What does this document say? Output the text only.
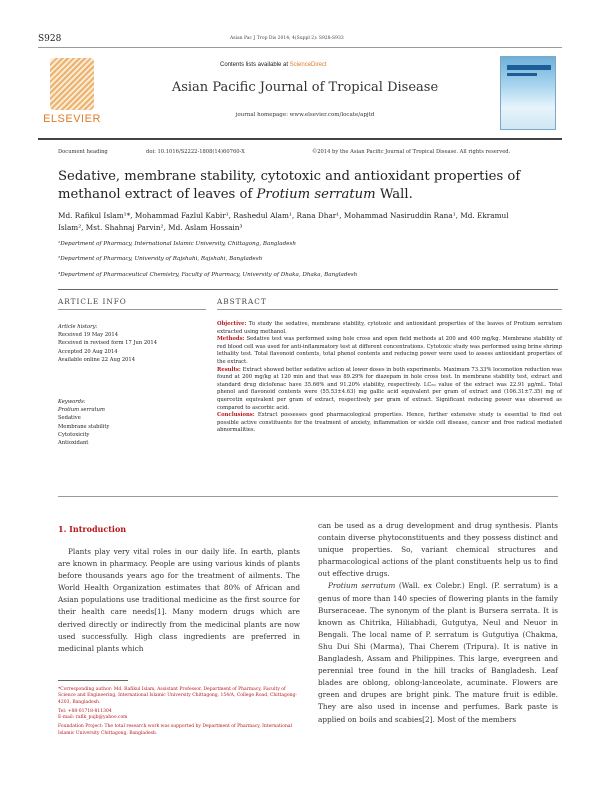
S928	Asian Pac J Trop Dis 2014; 4(Suppl 2): S928-S933
ELSEVIER
Contents lists available at ScienceDirect
Asian Pacific Journal of Tropical Disease
journal homepage: www.elsevier.com/locate/apjtd
Document heading	doi: 10.1016/S2222-1808(14)60760-X	©2014 by the Asian Pacific Journal of Tropical Disease. All rights reserved.
Sedative, membrane stability, cytotoxic and antioxidant properties of methanol extract of leaves of Protium serratum Wall.
Md. Rafikul Islam¹*, Mohammad Fazlul Kabir¹, Rashedul Alam¹, Rana Dhar¹, Mohammad Nasiruddin Rana¹, Md. Ekramul
Islam², Mst. Shahnaj Parvin², Md. Aslam Hossain³
¹Department of Pharmacy, International Islamic University, Chittagong, Bangladesh
²Department of Pharmacy, University of Rajshahi, Rajshahi, Bangladesh
³Department of Pharmaceutical Chemistry, Faculty of Pharmacy, University of Dhaka, Dhaka, Bangladesh
ARTICLE INFO	ABSTRACT
Article history:
Received 19 May 2014
Received in revised form 17 Jun 2014
Accepted 20 Aug 2014
Available online 22 Aug 2014
Keywords:
Protium serratum
Sedative
Membrane stability
Cytotoxicity
Antioxidant

Objective: To study the sedative, membrane stability, cytotoxic and antioxidant properties of the leaves of Protium serratum extracted using methanol.

Methods: Sedative test was performed using hole cross and open field methods at 200 and 400 mg/kg. Membrane stability of red blood cell was used for anti-inflammatory test at different concentrations. Cytotoxic study was performed using brine shrimp lethality test. Total flavonoid contents, total phenol contents and reducing power were used to assess antioxidant properties of the extract.

Results: Extract showed better sedative action at lower doses in both experiments. Maximum 73.33% locomotion reduction was found at 200 mg/kg at 120 min and that was 89.29% for diazepam in hole cross test. In membrane stability test, extract and standard drug diclofenac have 35.66% and 91.20% stability, respectively. LC₅₀ value of the extract was 22.91 μg/mL. Total phenol and flavonoid contents were (55.53±4.63) mg gallic acid equivalent per gram of extract and (106.31±7.35) mg of quercetin equivalent per gram of extract, respectively per gram of extract. Significant reducing power was observed as compared to ascorbic acid.

Conclusions: Extract possesses good pharmacological properties. Hence, further extensive study is essential to find out possible active constituents for the treatment of anxiety, inflammation or sickle cell disease, cancer and free radical mediated abnormalities.

1. Introduction
Plants play very vital roles in our daily life. In earth, plants are known in pharmacy. People are using various kinds of plants before thousands years ago for the treatment of ailments. The World Health Organization estimates that 80% of African and Asian populations use traditional medicine as the first source for their health care needs[1]. Many modern drugs which are derived directly or indirectly from the medicinal plants are now used successfully. High class ingredients are preferred in medicinal plants which

can be used as a drug development and drug synthesis. Plants contain diverse phytoconstituents and they possess distinct and unique properties. So, variant chemical structures and pharmacological actions of the plant constituents help us to find out effective drugs.

Protium serratum (Wall. ex Colebr.) Engl. (P. serratum) is a genus of more than 140 species of flowering plants in the family Burseraceae. The synonym of the plant is Bursera serrata. It is known as Chitrika, Hiliabhadi, Gutgutya, Neul and Neuor in Bengali. The local name of P. serratum is Gutgutiya (Chakma, Shu Dui Shi (Marma), Thai Cherem (Tripura). It is native in Bangladesh, Assam and Philippines. This large, evergreen and perennial tree found in the hill tracks of Bangladesh. Leaf blades are oblong, oblong-lanceolate, acuminate. Flowers are green and drupes are bright pink. The mature fruit is edible. They are also used in incense and perfumes. Bark paste is applied on boils and scabies[2]. Most of the members

*Corresponding author: Md. Rafikul Islam, Assistant Professor, Department of Pharmacy, Faculty of Science and Engineering, International Islamic University Chittagong, 154/A, College Road, Chittagong-4203, Bangladesh.

Tel: +88-01718-811304

E-mail: rafik_pujb@yahoo.com

Foundation Project: The total research work was supported by Department of Pharmacy, International Islamic University Chittagong, Bangladesh.
